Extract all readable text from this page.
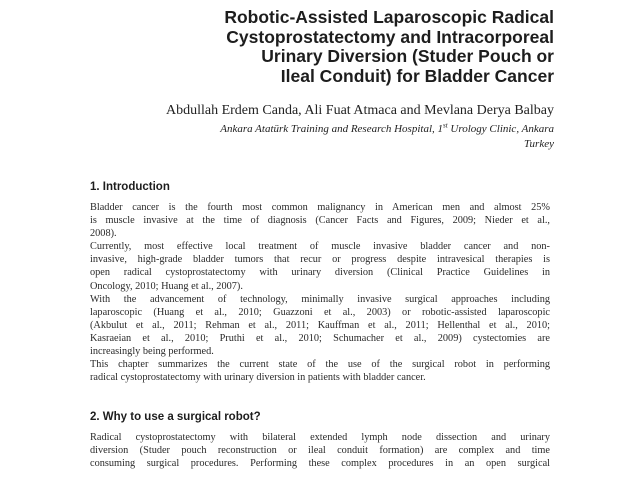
Robotic-Assisted Laparoscopic Radical
Cystoprostatectomy and Intracorporeal
Urinary Diversion (Studer Pouch or
Ileal Conduit) for Bladder Cancer
Abdullah Erdem Canda, Ali Fuat Atmaca and Mevlana Derya Balbay
Ankara Atatürk Training and Research Hospital, 1st Urology Clinic, Ankara
Turkey
1. Introduction
Bladder cancer is the fourth most common malignancy in American men and almost 25%
is muscle invasive at the time of diagnosis (Cancer Facts and Figures, 2009; Nieder et al.,
2008).
Currently, most effective local treatment of muscle invasive bladder cancer and non-
invasive, high-grade bladder tumors that recur or progress despite intravesical therapies is
open radical cystoprostatectomy with urinary diversion (Clinical Practice Guidelines in
Oncology, 2010; Huang et al., 2007).
With the advancement of technology, minimally invasive surgical approaches including
laparoscopic (Huang et al., 2010; Guazzoni et al., 2003) or robotic-assisted laparoscopic
(Akbulut et al., 2011; Rehman et al., 2011; Kauffman et al., 2011; Hellenthal et al., 2010;
Kasraeian et al., 2010; Pruthi et al., 2010; Schumacher et al., 2009) cystectomies are
increasingly being performed.
This chapter summarizes the current state of the use of the surgical robot in performing
radical cystoprostatectomy with urinary diversion in patients with bladder cancer.
2. Why to use a surgical robot?
Radical cystoprostatectomy with bilateral extended lymph node dissection and urinary
diversion (Studer pouch reconstruction or ileal conduit formation) are complex and time
consuming surgical procedures. Performing these complex procedures in an open surgical
